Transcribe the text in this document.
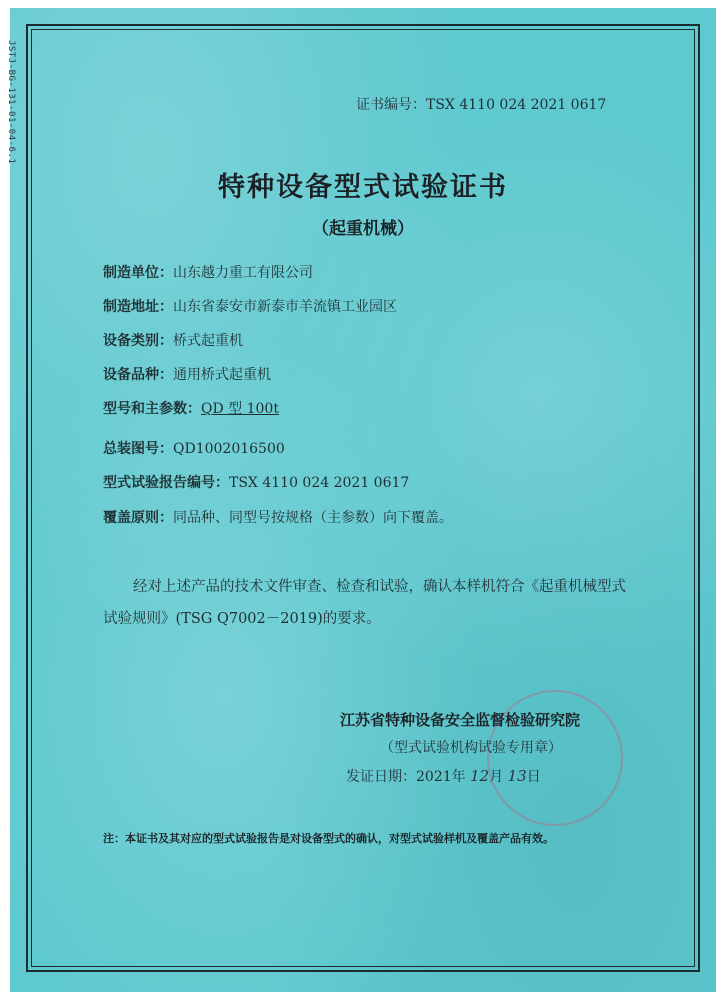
JSTJ-BG-131-01-04-6.1	证书编号：TSX 4110 024 2021 0617
特种设备型式试验证书
（起重机械）
制造单位：山东越力重工有限公司
制造地址：山东省泰安市新泰市羊流镇工业园区
设备类别：桥式起重机
设备品种：通用桥式起重机
型号和主参数：QD 型 100t
总装图号：QD1002016500
型式试验报告编号：TSX 4110 024 2021 0617
覆盖原则：同品种、同型号按规格（主参数）向下覆盖。
经对上述产品的技术文件审查、检查和试验，确认本样机符合《起重机械型式试验规则》(TSG Q7002－2019)的要求。
江苏省特种设备安全监督检验研究院
（型式试验机构试验专用章）
发证日期：2021年 12月 13日
注：本证书及其对应的型式试验报告是对设备型式的确认，对型式试验样机及覆盖产品有效。
